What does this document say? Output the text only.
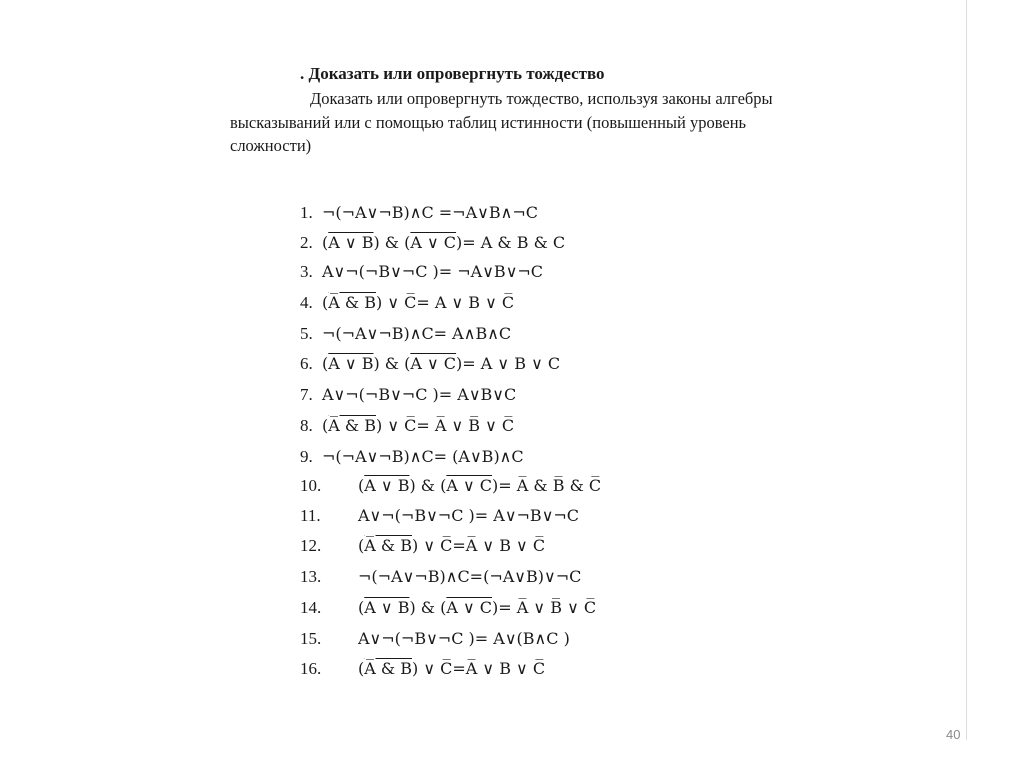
. Доказать или опровергнуть тождество
Доказать или опровергнуть тождество, используя законы алгебры высказываний или с помощью таблиц истинности (повышенный уровень сложности)
1. ¬(¬A∨¬B)∧C =¬A∨B∧¬C
2. (A ∨ B) & (A ∨ C)= A & B & C
3. A∨¬(¬B∨¬C )= ¬A∨B∨¬C
4. (A̅ & B) ∨ C̅= A ∨ B ∨ C̅
5. ¬(¬A∨¬B)∧C= A∧B∧C
6. (A ∨ B) & (A ∨ C)= A ∨ B ∨ C
7. A∨¬(¬B∨¬C )= A∨B∨C
8. (A̅ & B) ∨ C̅= A̅ ∨ B̅ ∨ C̅
9. ¬(¬A∨¬B)∧C= (A∨B)∧C
10. (A ∨ B) & (A ∨ C)= A̅ & B̅ & C̅
11. A∨¬(¬B∨¬C )= A∨¬B∨¬C
12. (A̅ & B) ∨ C̅=A̅ ∨ B ∨ C̅
13. ¬(¬A∨¬B)∧C=(¬A∨B)∨¬C
14. (A ∨ B) & (A ∨ C)= A̅ ∨ B̅ ∨ C̅
15. A∨¬(¬B∨¬C )= A∨(B∧C )
16. (A̅ & B) ∨ C̅=A̅ ∨ B ∨ C̅
40
